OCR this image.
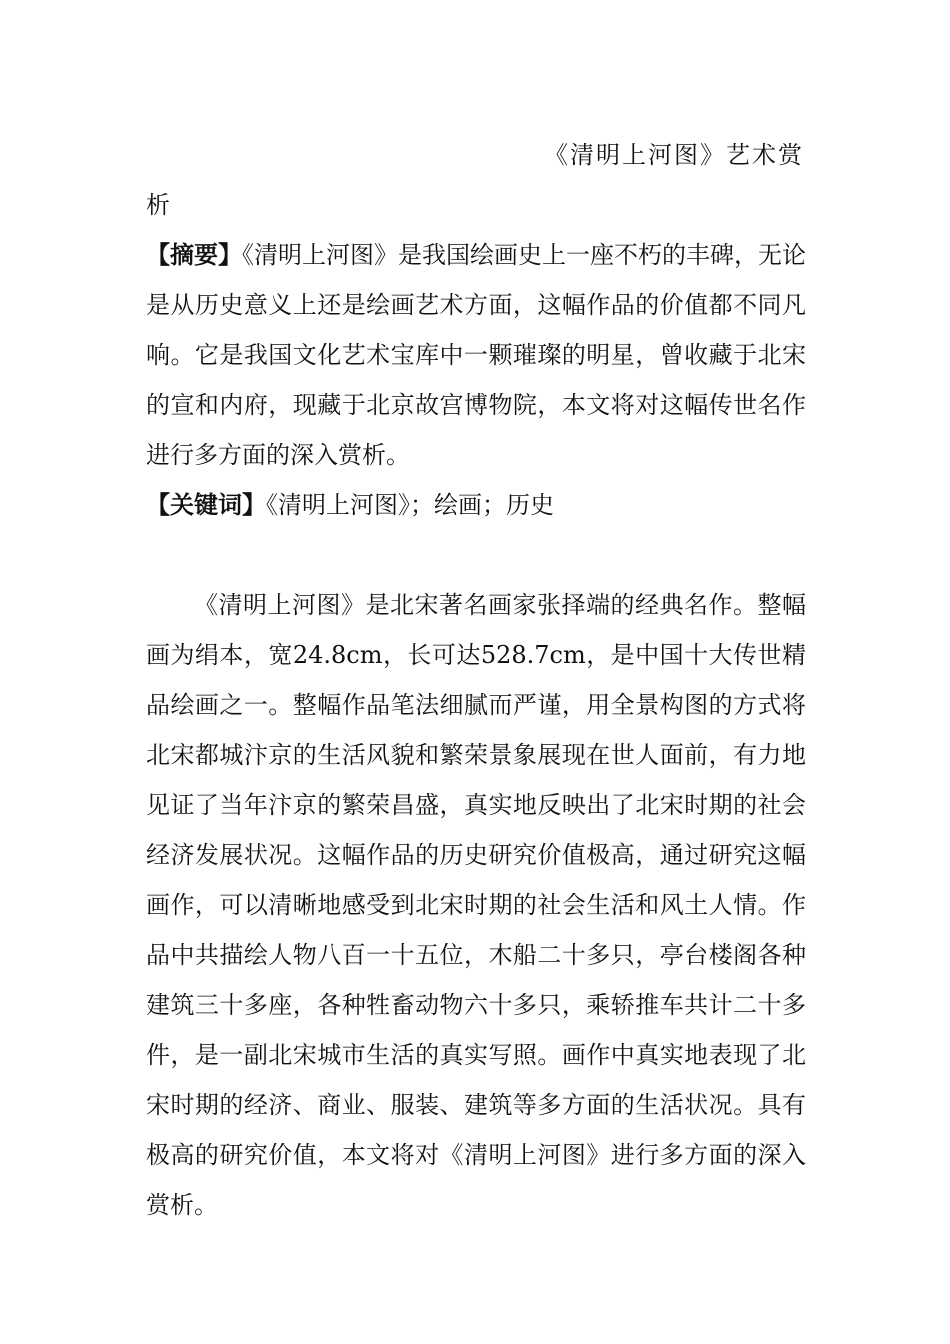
《清明上河图》艺术赏
析

【摘要】《清明上河图》是我国绘画史上一座不朽的丰碑，无论是从历史意义上还是绘画艺术方面，这幅作品的价值都不同凡响。它是我国文化艺术宝库中一颗璀璨的明星，曾收藏于北宋的宣和内府，现藏于北京故宫博物院，本文将对这幅传世名作进行多方面的深入赏析。

【关键词】《清明上河图》；绘画；历史

《清明上河图》是北宋著名画家张择端的经典名作。整幅画为绢本，宽24.8cm，长可达528.7cm，是中国十大传世精品绘画之一。整幅作品笔法细腻而严谨，用全景构图的方式将北宋都城汴京的生活风貌和繁荣景象展现在世人面前，有力地见证了当年汴京的繁荣昌盛，真实地反映出了北宋时期的社会经济发展状况。这幅作品的历史研究价值极高，通过研究这幅画作，可以清晰地感受到北宋时期的社会生活和风土人情。作品中共描绘人物八百一十五位，木船二十多只，亭台楼阁各种建筑三十多座，各种牲畜动物六十多只，乘轿推车共计二十多件，是一副北宋城市生活的真实写照。画作中真实地表现了北宋时期的经济、商业、服装、建筑等多方面的生活状况。具有极高的研究价值，本文将对《清明上河图》进行多方面的深入赏析。
